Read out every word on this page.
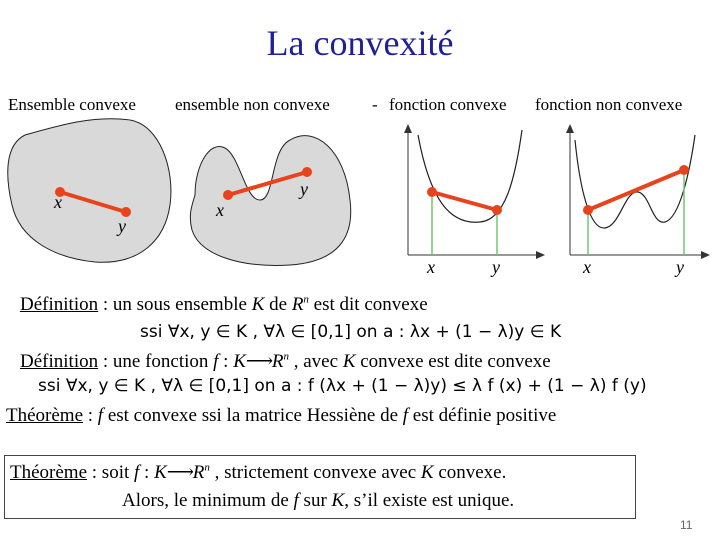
La convexité
Ensemble convexe ensemble non convexe - fonction convexe fonction non convexe
x
y
x
y
x	y	x	y
Définition : un sous ensemble K de $R^n$ est dit convexe
ssi ∀x, y ∈ K , ∀λ ∈ [0,1] on a : λx + (1 − λ)y ∈ K
Définition : une fonction f : $K⟶R^n$ , avec K convexe est dite convexe
ssi ∀x, y ∈ K , ∀λ ∈ [0,1] on a : f (λx + (1 − λ)y) ≤ λ f (x) + (1 − λ) f (y)
Théorème : f est convexe ssi la matrice Hessiène de f est définie positive
Théorème : soit f : $K⟶R^n$ , strictement convexe avec K convexe.
Alors, le minimum de f sur K, s’il existe est unique.
11
